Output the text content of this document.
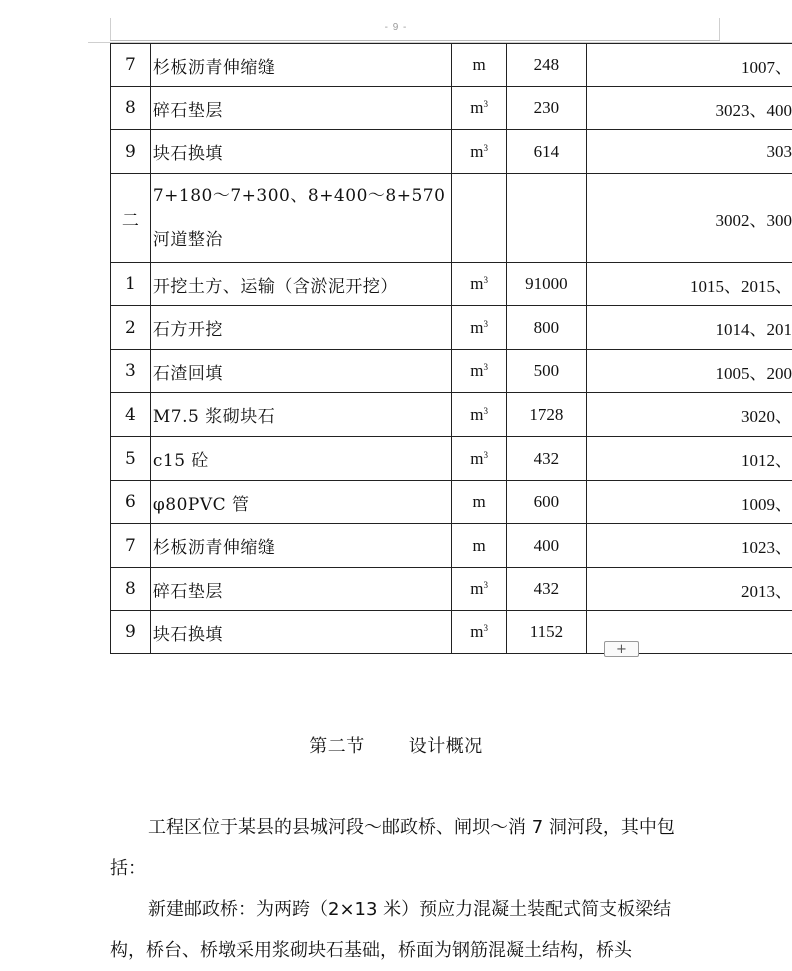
- 9 -
7	杉板沥青伸缩缝	m	248	1007、
8	碎石垫层	$m^3$	230	3023、400
9	块石换填	$m^3$	614	303
二	7+180～7+300、8+400～8+570 河道整治			3002、300
1	开挖土方、运输（含淤泥开挖）	$m^3$	91000	1015、2015、
2	石方开挖	$m^3$	800	1014、201
3	石渣回填	$m^3$	500	1005、200
4	M7.5 浆砌块石	$m^3$	1728	3020、
5	c15 砼	$m^3$	432	1012、
6	φ80PVC 管	m	600	1009、
7	杉板沥青伸缩缝	m	400	1023、
8	碎石垫层	$m^3$	432	2013、
9	块石换填	$m^3$	1152	
+
第二节 设计概况
工程区位于某县的县城河段～邮政桥、闸坝～消 7 洞河段，其中包
括：
新建邮政桥：为两跨（2×13 米）预应力混凝土装配式简支板梁结
构，桥台、桥墩采用浆砌块石基础，桥面为钢筋混凝土结构，桥头
